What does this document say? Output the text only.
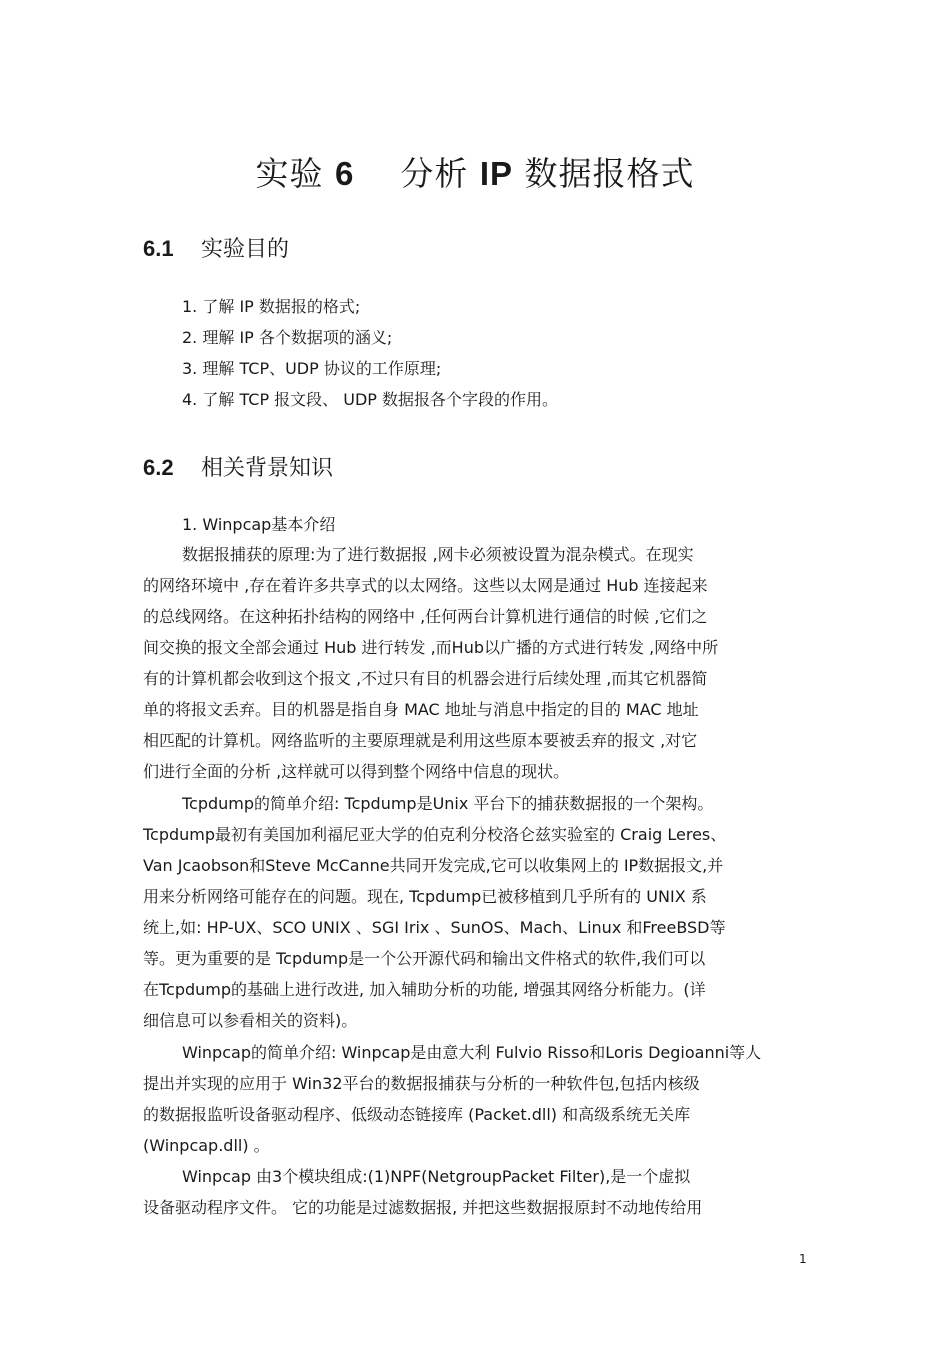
实验 6 分析 IP 数据报格式
6.1 实验目的
1. 了解 IP 数据报的格式;
2. 理解 IP 各个数据项的涵义;
3. 理解 TCP、UDP 协议的工作原理;
4. 了解 TCP 报文段、 UDP 数据报各个字段的作用。
6.2 相关背景知识
1. Winpcap基本介绍
数据报捕获的原理:为了进行数据报 ,网卡必须被设置为混杂模式。在现实
的网络环境中 ,存在着许多共享式的以太网络。这些以太网是通过 Hub 连接起来
的总线网络。在这种拓扑结构的网络中 ,任何两台计算机进行通信的时候 ,它们之
间交换的报文全部会通过 Hub 进行转发 ,而Hub以广播的方式进行转发 ,网络中所
有的计算机都会收到这个报文 ,不过只有目的机器会进行后续处理 ,而其它机器简
单的将报文丢弃。目的机器是指自身 MAC 地址与消息中指定的目的 MAC 地址
相匹配的计算机。网络监听的主要原理就是利用这些原本要被丢弃的报文 ,对它
们进行全面的分析 ,这样就可以得到整个网络中信息的现状。
Tcpdump的简单介绍: Tcpdump是Unix 平台下的捕获数据报的一个架构。
Tcpdump最初有美国加利福尼亚大学的伯克利分校洛仑兹实验室的 Craig Leres、
Van Jcaobson和Steve McCanne共同开发完成,它可以收集网上的 IP数据报文,并
用来分析网络可能存在的问题。现在, Tcpdump已被移植到几乎所有的 UNIX 系
统上,如: HP-UX、SCO UNIX 、SGI Irix 、SunOS、Mach、Linux 和FreeBSD等
等。更为重要的是 Tcpdump是一个公开源代码和输出文件格式的软件,我们可以
在Tcpdump的基础上进行改进, 加入辅助分析的功能, 增强其网络分析能力。(详
细信息可以参看相关的资料)。
Winpcap的简单介绍: Winpcap是由意大利 Fulvio Risso和Loris Degioanni等人
提出并实现的应用于 Win32平台的数据报捕获与分析的一种软件包,包括内核级
的数据报监听设备驱动程序、低级动态链接库 (Packet.dll) 和高级系统无关库
(Winpcap.dll) 。
Winpcap 由3个模块组成:(1)NPF(NetgroupPacket Filter),是一个虚拟
设备驱动程序文件。 它的功能是过滤数据报, 并把这些数据报原封不动地传给用
1
